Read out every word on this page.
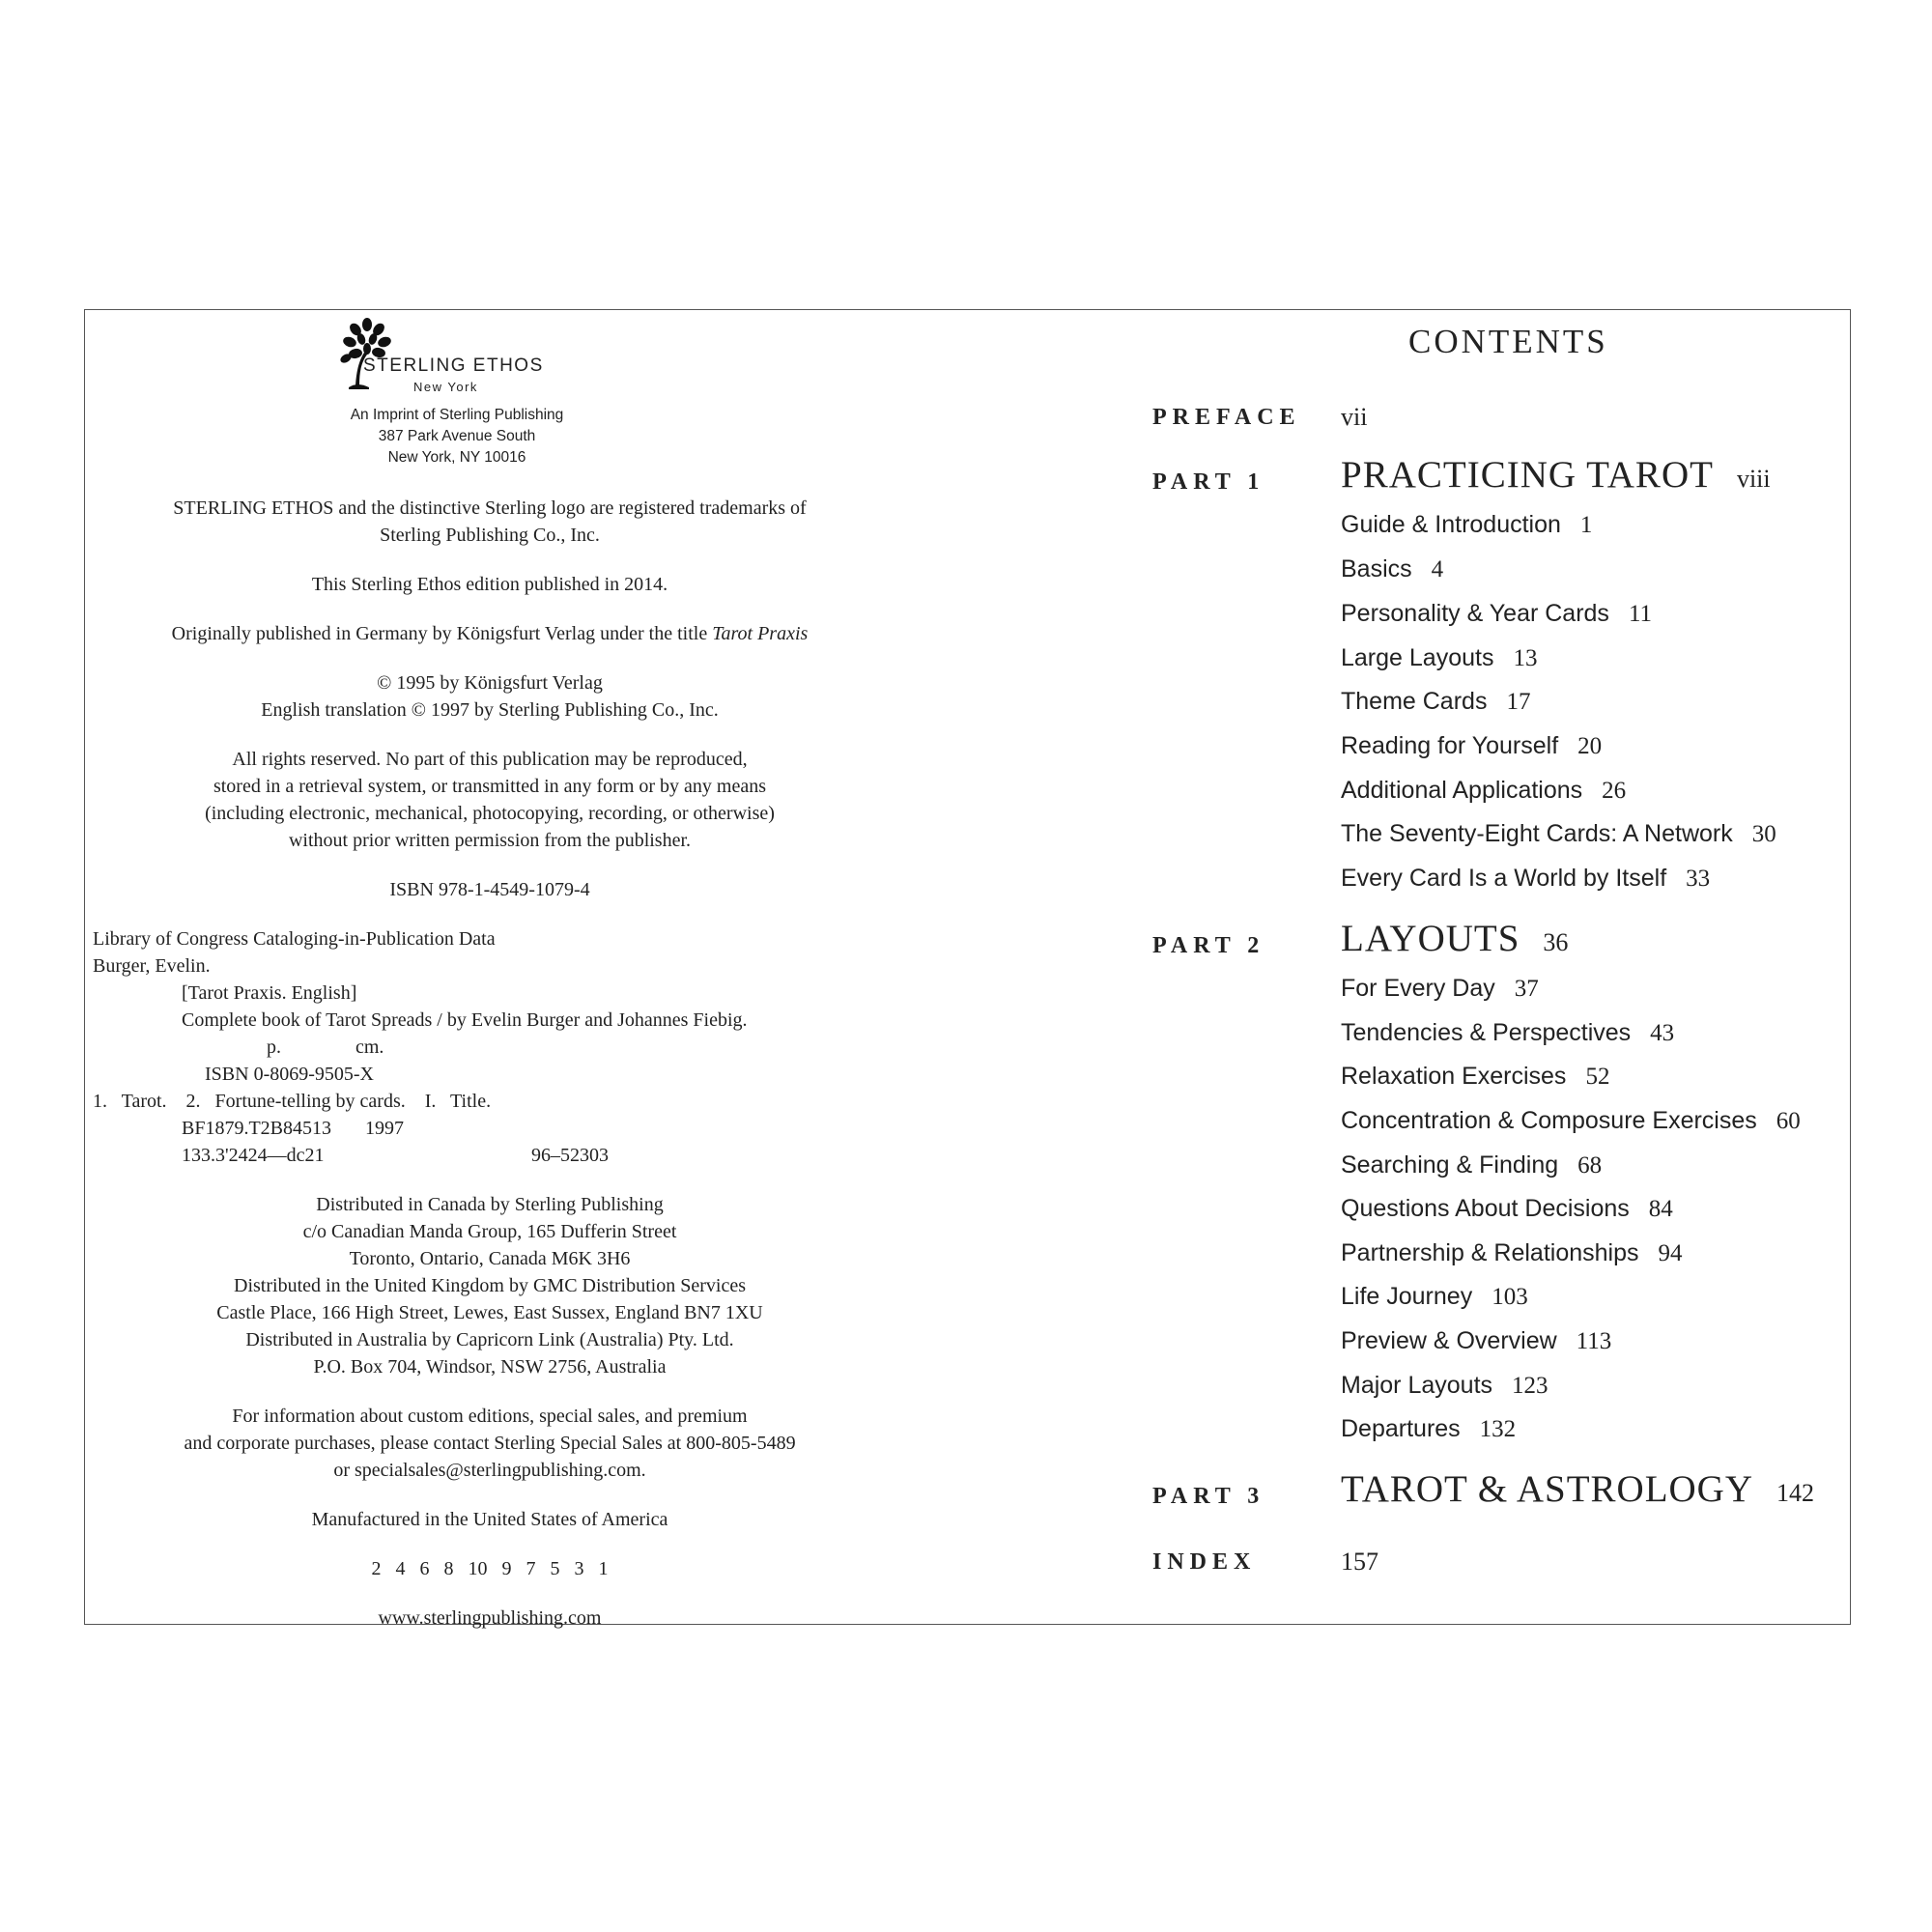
STERLING ETHOS
New York
An Imprint of Sterling Publishing
387 Park Avenue South
New York, NY 10016
STERLING ETHOS and the distinctive Sterling logo are registered trademarks of
Sterling Publishing Co., Inc.
This Sterling Ethos edition published in 2014.
Originally published in Germany by Königsfurt Verlag under the title Tarot Praxis
© 1995 by Königsfurt Verlag
English translation © 1997 by Sterling Publishing Co., Inc.
All rights reserved. No part of this publication may be reproduced,
stored in a retrieval system, or transmitted in any form or by any means
(including electronic, mechanical, photocopying, recording, or otherwise)
without prior written permission from the publisher.
ISBN 978-1-4549-1079-4
Library of Congress Cataloging-in-Publication Data
Burger, Evelin.
[Tarot Praxis. English]
Complete book of Tarot Spreads / by Evelin Burger and Johannes Fiebig.
p.	cm.
ISBN 0-8069-9505-X
1.   Tarot.    2.   Fortune-telling by cards.    I.   Title.
BF1879.T2B84513 1997
133.3'2424—dc21	96–52303
Distributed in Canada by Sterling Publishing
c/o Canadian Manda Group, 165 Dufferin Street
Toronto, Ontario, Canada M6K 3H6
Distributed in the United Kingdom by GMC Distribution Services
Castle Place, 166 High Street, Lewes, East Sussex, England BN7 1XU
Distributed in Australia by Capricorn Link (Australia) Pty. Ltd.
P.O. Box 704, Windsor, NSW 2756, Australia
For information about custom editions, special sales, and premium
and corporate purchases, please contact Sterling Special Sales at 800-805-5489
or specialsales@sterlingpublishing.com.
Manufactured in the United States of America
2   4   6   8   10   9   7   5   3   1
www.sterlingpublishing.com
CONTENTS
PREFACE vii
PART 1 PRACTICING TAROT viii
Guide & Introduction 1
Basics 4
Personality & Year Cards 11
Large Layouts 13
Theme Cards 17
Reading for Yourself 20
Additional Applications 26
The Seventy-Eight Cards: A Network 30
Every Card Is a World by Itself 33
PART 2 LAYOUTS 36
For Every Day 37
Tendencies & Perspectives 43
Relaxation Exercises 52
Concentration & Composure Exercises 60
Searching & Finding 68
Questions About Decisions 84
Partnership & Relationships 94
Life Journey 103
Preview & Overview 113
Major Layouts 123
Departures 132
PART 3 TAROT & ASTROLOGY 142
INDEX	157
